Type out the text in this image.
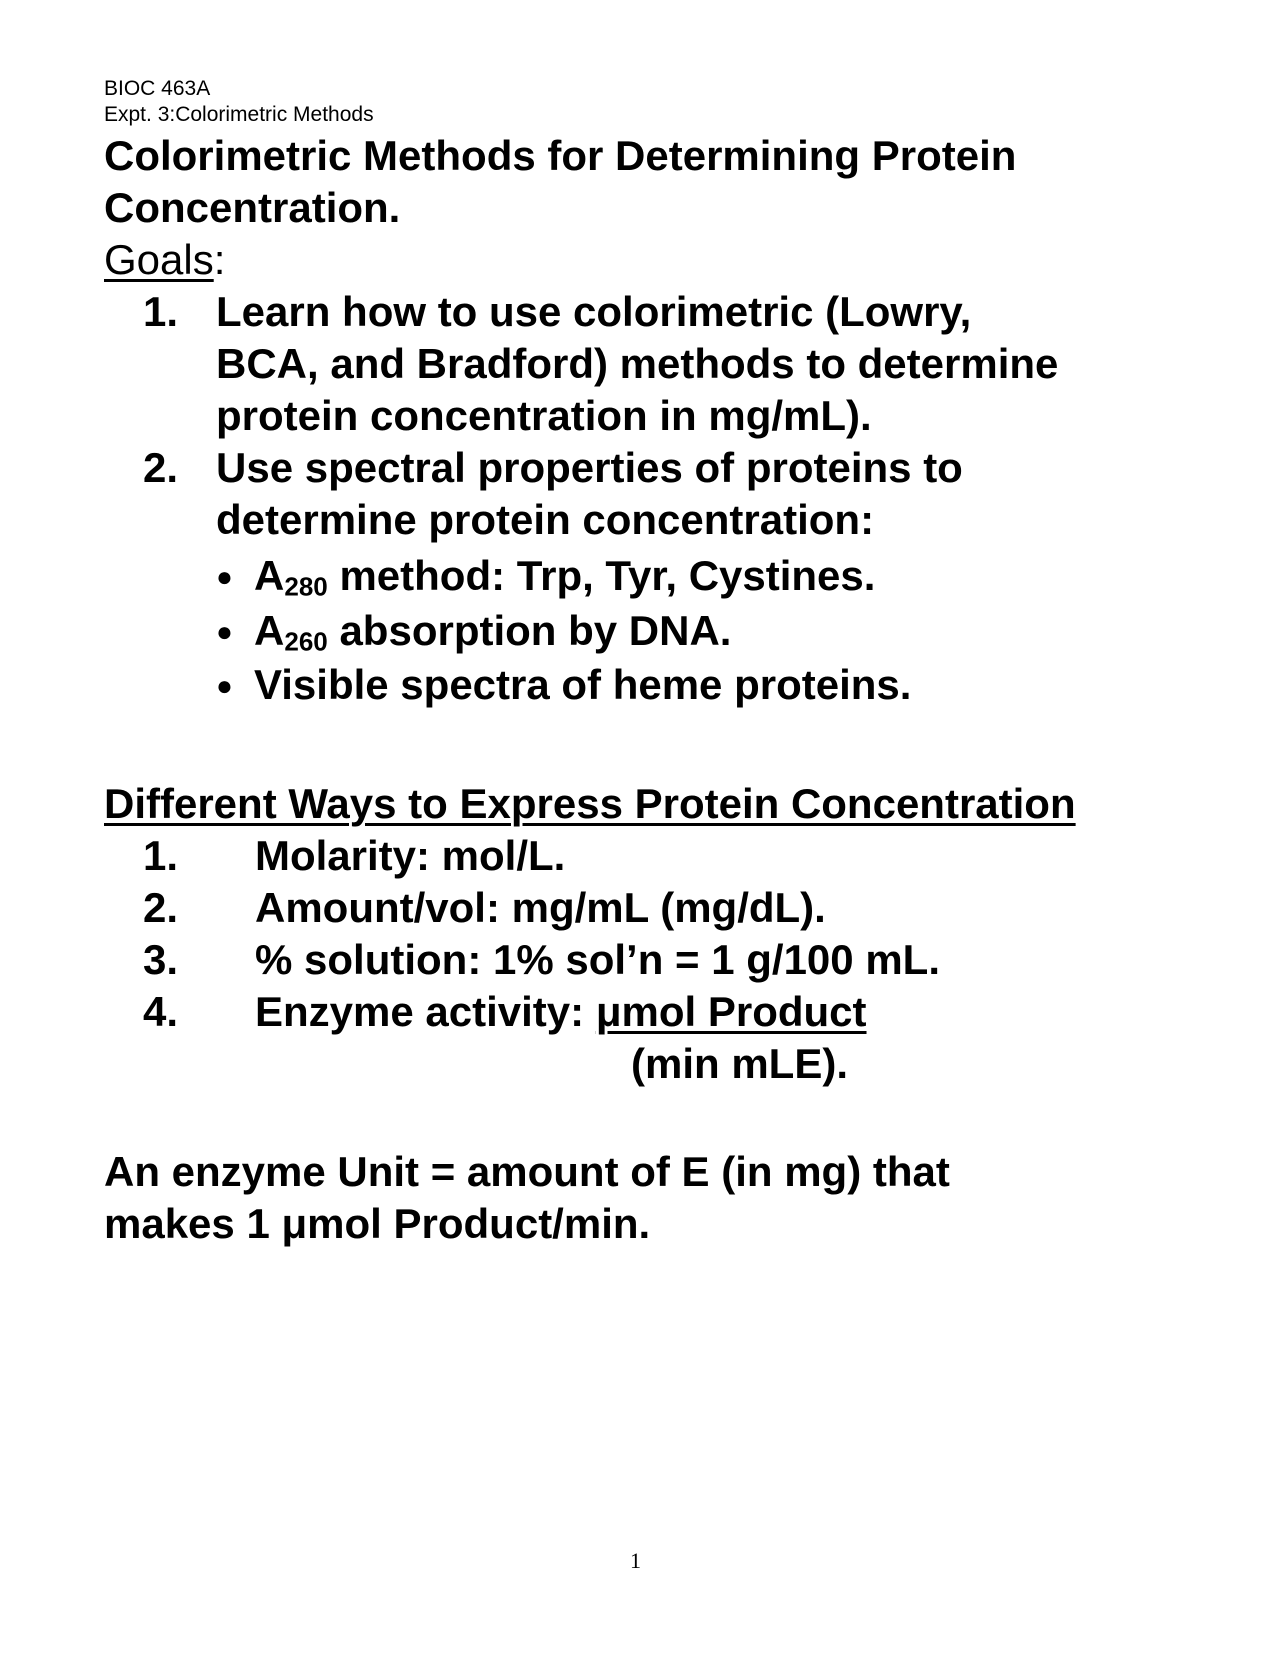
BIOC 463A
Expt. 3:Colorimetric Methods
Colorimetric Methods for Determining Protein
Concentration.
Goals:
1. Learn how to use colorimetric (Lowry,
BCA, and Bradford) methods to determine
protein concentration in mg/mL).
2. Use spectral properties of proteins to
determine protein concentration:
● $A_{280}$ method: Trp, Tyr, Cystines.
● $A_{260}$ absorption by DNA.
● Visible spectra of heme proteins.
Different Ways to Express Protein Concentration
1. Molarity: mol/L.
2. Amount/vol: mg/mL (mg/dL).
3. % solution: 1% sol’n = 1 g/100 mL.
4. Enzyme activity: μmol Product
(min mLE).
An enzyme Unit = amount of E (in mg) that
makes 1 μmol Product/min.
1
